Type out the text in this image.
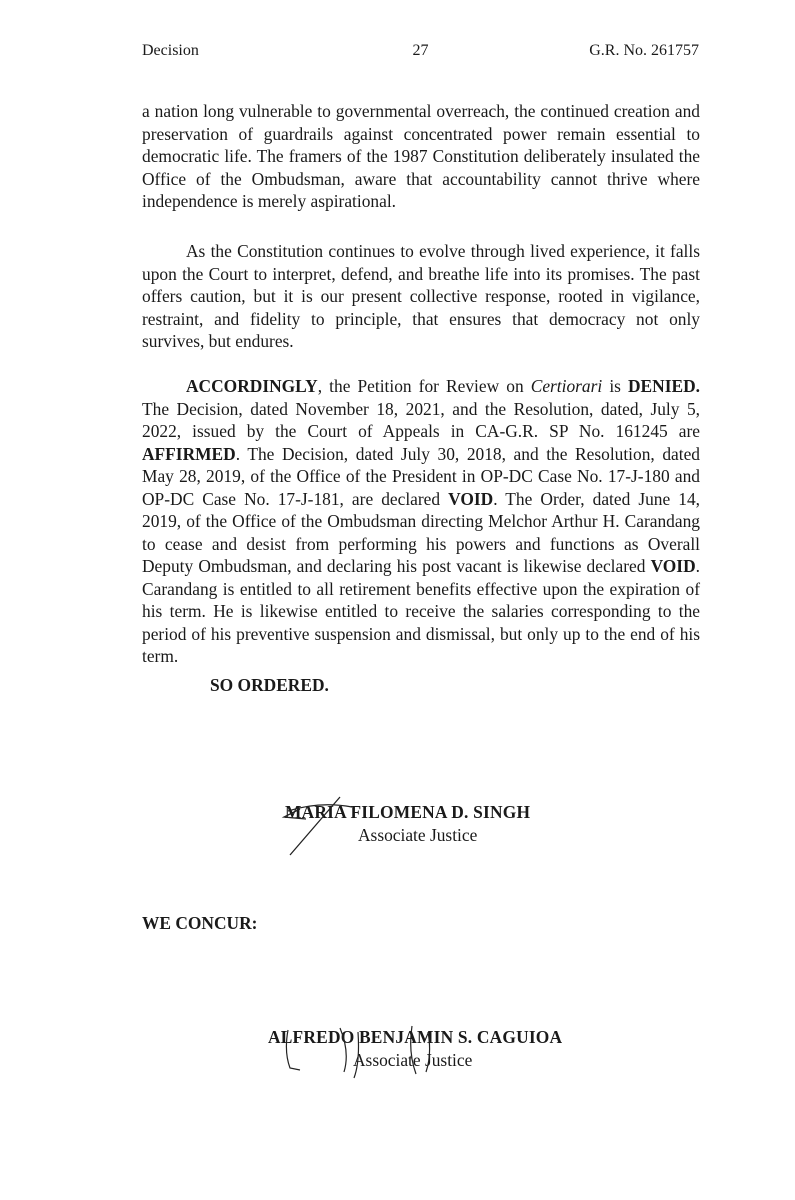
Decision	27	G.R. No. 261757

a nation long vulnerable to governmental overreach, the continued creation and preservation of guardrails against concentrated power remain essential to democratic life. The framers of the 1987 Constitution deliberately insulated the Office of the Ombudsman, aware that accountability cannot thrive where independence is merely aspirational.

As the Constitution continues to evolve through lived experience, it falls upon the Court to interpret, defend, and breathe life into its promises. The past offers caution, but it is our present collective response, rooted in vigilance, restraint, and fidelity to principle, that ensures that democracy not only survives, but endures.

ACCORDINGLY, the Petition for Review on Certiorari is DENIED. The Decision, dated November 18, 2021, and the Resolution, dated, July 5, 2022, issued by the Court of Appeals in CA-G.R. SP No. 161245 are AFFIRMED. The Decision, dated July 30, 2018, and the Resolution, dated May 28, 2019, of the Office of the President in OP-DC Case No. 17-J-180 and OP-DC Case No. 17-J-181, are declared VOID. The Order, dated June 14, 2019, of the Office of the Ombudsman directing Melchor Arthur H. Carandang to cease and desist from performing his powers and functions as Overall Deputy Ombudsman, and declaring his post vacant is likewise declared VOID. Carandang is entitled to all retirement benefits effective upon the expiration of his term. He is likewise entitled to receive the salaries corresponding to the period of his preventive suspension and dismissal, but only up to the end of his term.

SO ORDERED.
MARIA FILOMENA D. SINGH
Associate Justice
WE CONCUR:
ALFREDO BENJAMIN S. CAGUIOA
Associate Justice
